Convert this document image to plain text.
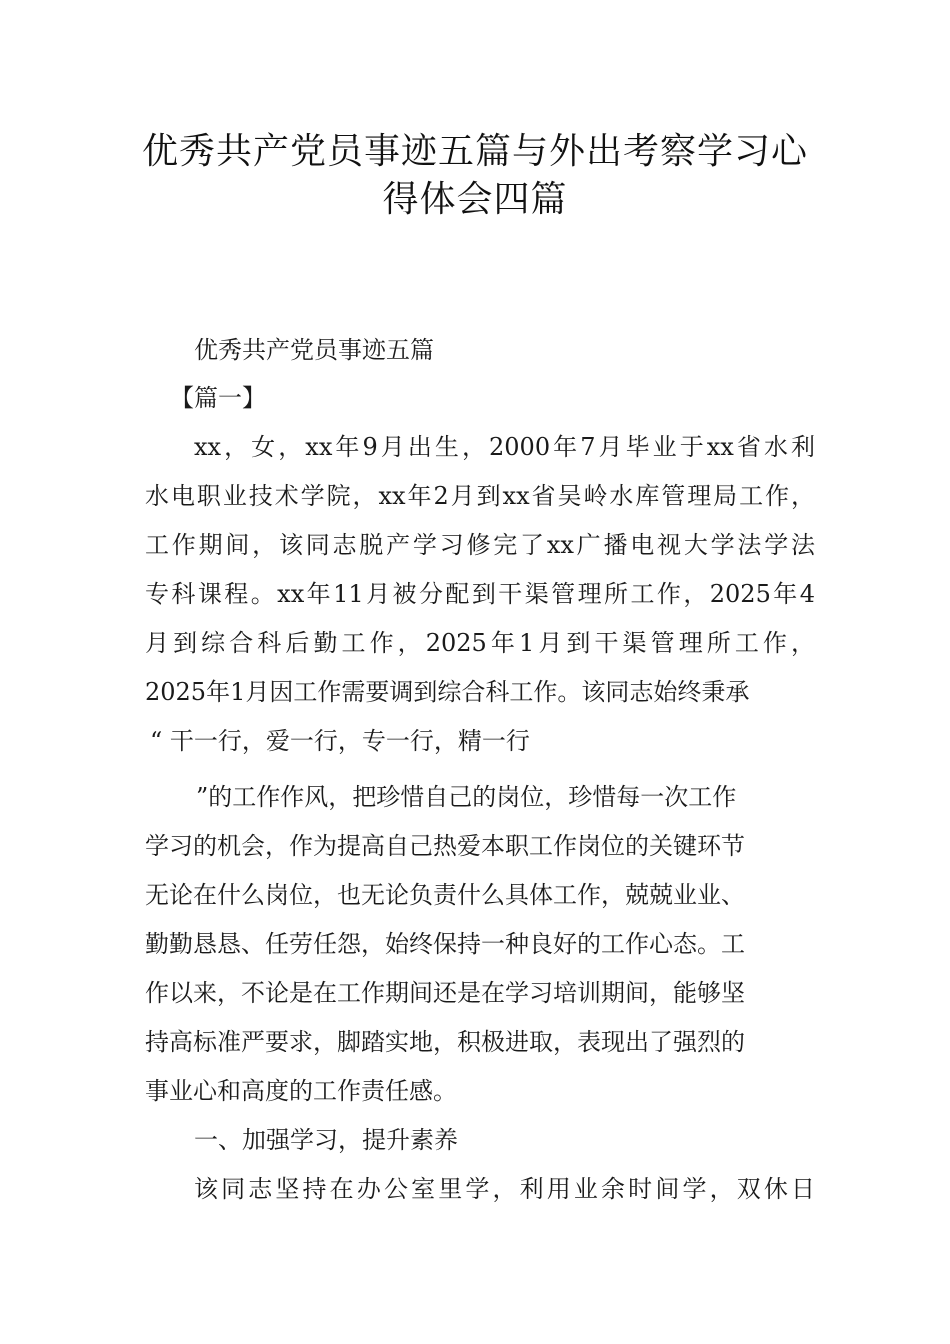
优秀共产党员事迹五篇与外出考察学习心
得体会四篇
优秀共产党员事迹五篇
【篇一】
xx，女，xx年9月出生，2000年7月毕业于xx省水利
水电职业技术学院，xx年2月到xx省吴岭水库管理局工作，
工作期间，该同志脱产学习修完了xx广播电视大学法学法
专科课程。xx年11月被分配到干渠管理所工作，2025年4
月到综合科后勤工作，2025年1月到干渠管理所工作，
2025年1月因工作需要调到综合科工作。该同志始终秉承
“ 干一行，爱一行，专一行，精一行
”的工作作风，把珍惜自己的岗位，珍惜每一次工作
学习的机会，作为提高自己热爱本职工作岗位的关键环节
无论在什么岗位，也无论负责什么具体工作，兢兢业业、
勤勤恳恳、任劳任怨，始终保持一种良好的工作心态。工
作以来，不论是在工作期间还是在学习培训期间，能够坚
持高标准严要求，脚踏实地，积极进取，表现出了强烈的
事业心和高度的工作责任感。
一、加强学习，提升素养
该同志坚持在办公室里学，利用业余时间学，双休日
